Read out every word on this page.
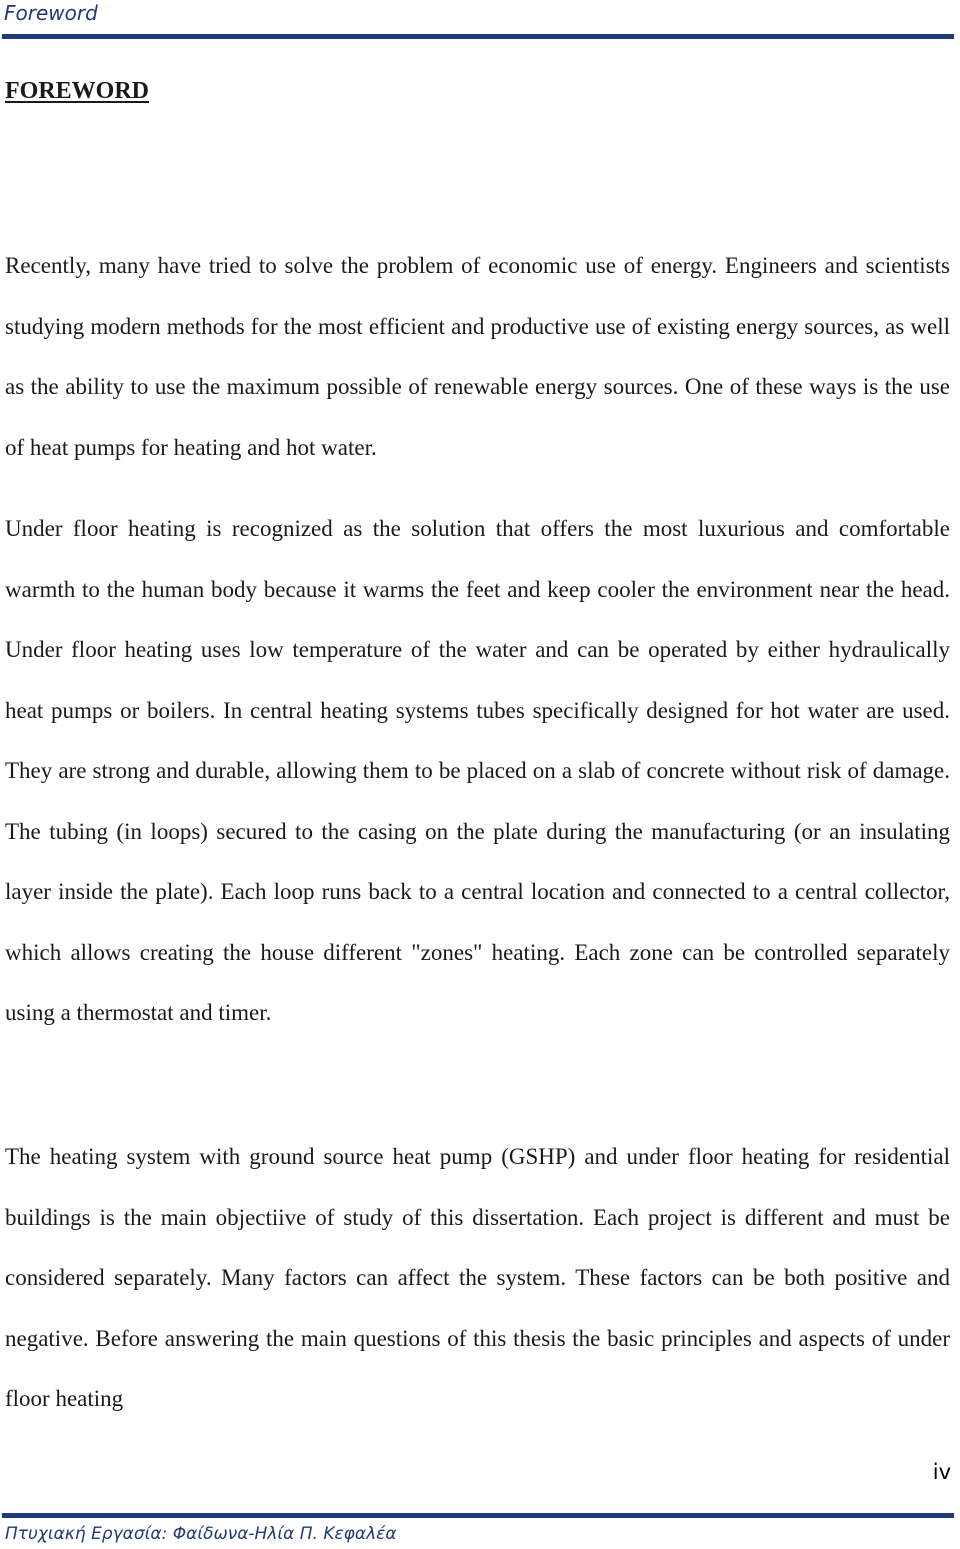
Foreword
FOREWORD

Recently, many have tried to solve the problem of economic use of energy. Engineers and scientists studying modern methods for the most efficient and productive use of existing energy sources, as well as the ability to use the maximum possible of renewable energy sources. One of these ways is the use of heat pumps for heating and hot water.

Under floor heating is recognized as the solution that offers the most luxurious and comfortable warmth to the human body because it warms the feet and keep cooler the environment near the head. Under floor heating uses low temperature of the water and can be operated by either hydraulically heat pumps or boilers. In central heating systems tubes specifically designed for hot water are used. They are strong and durable, allowing them to be placed on a slab of concrete without risk of damage. The tubing (in loops) secured to the casing on the plate during the manufacturing (or an insulating layer inside the plate). Each loop runs back to a central location and connected to a central collector, which allows creating the house different "zones" heating. Each zone can be controlled separately using a thermostat and timer.

The heating system with ground source heat pump (GSHP) and under floor heating for residential buildings is the main objectiive of study of this dissertation. Each project is different and must be considered separately. Many factors can affect the system. These factors can be both positive and negative. Before answering the main questions of this thesis the basic principles and aspects of under floor heating

iv
Πτυχιακή Εργασία: Φαίδωνα-Ηλία Π. Κεφαλέα
